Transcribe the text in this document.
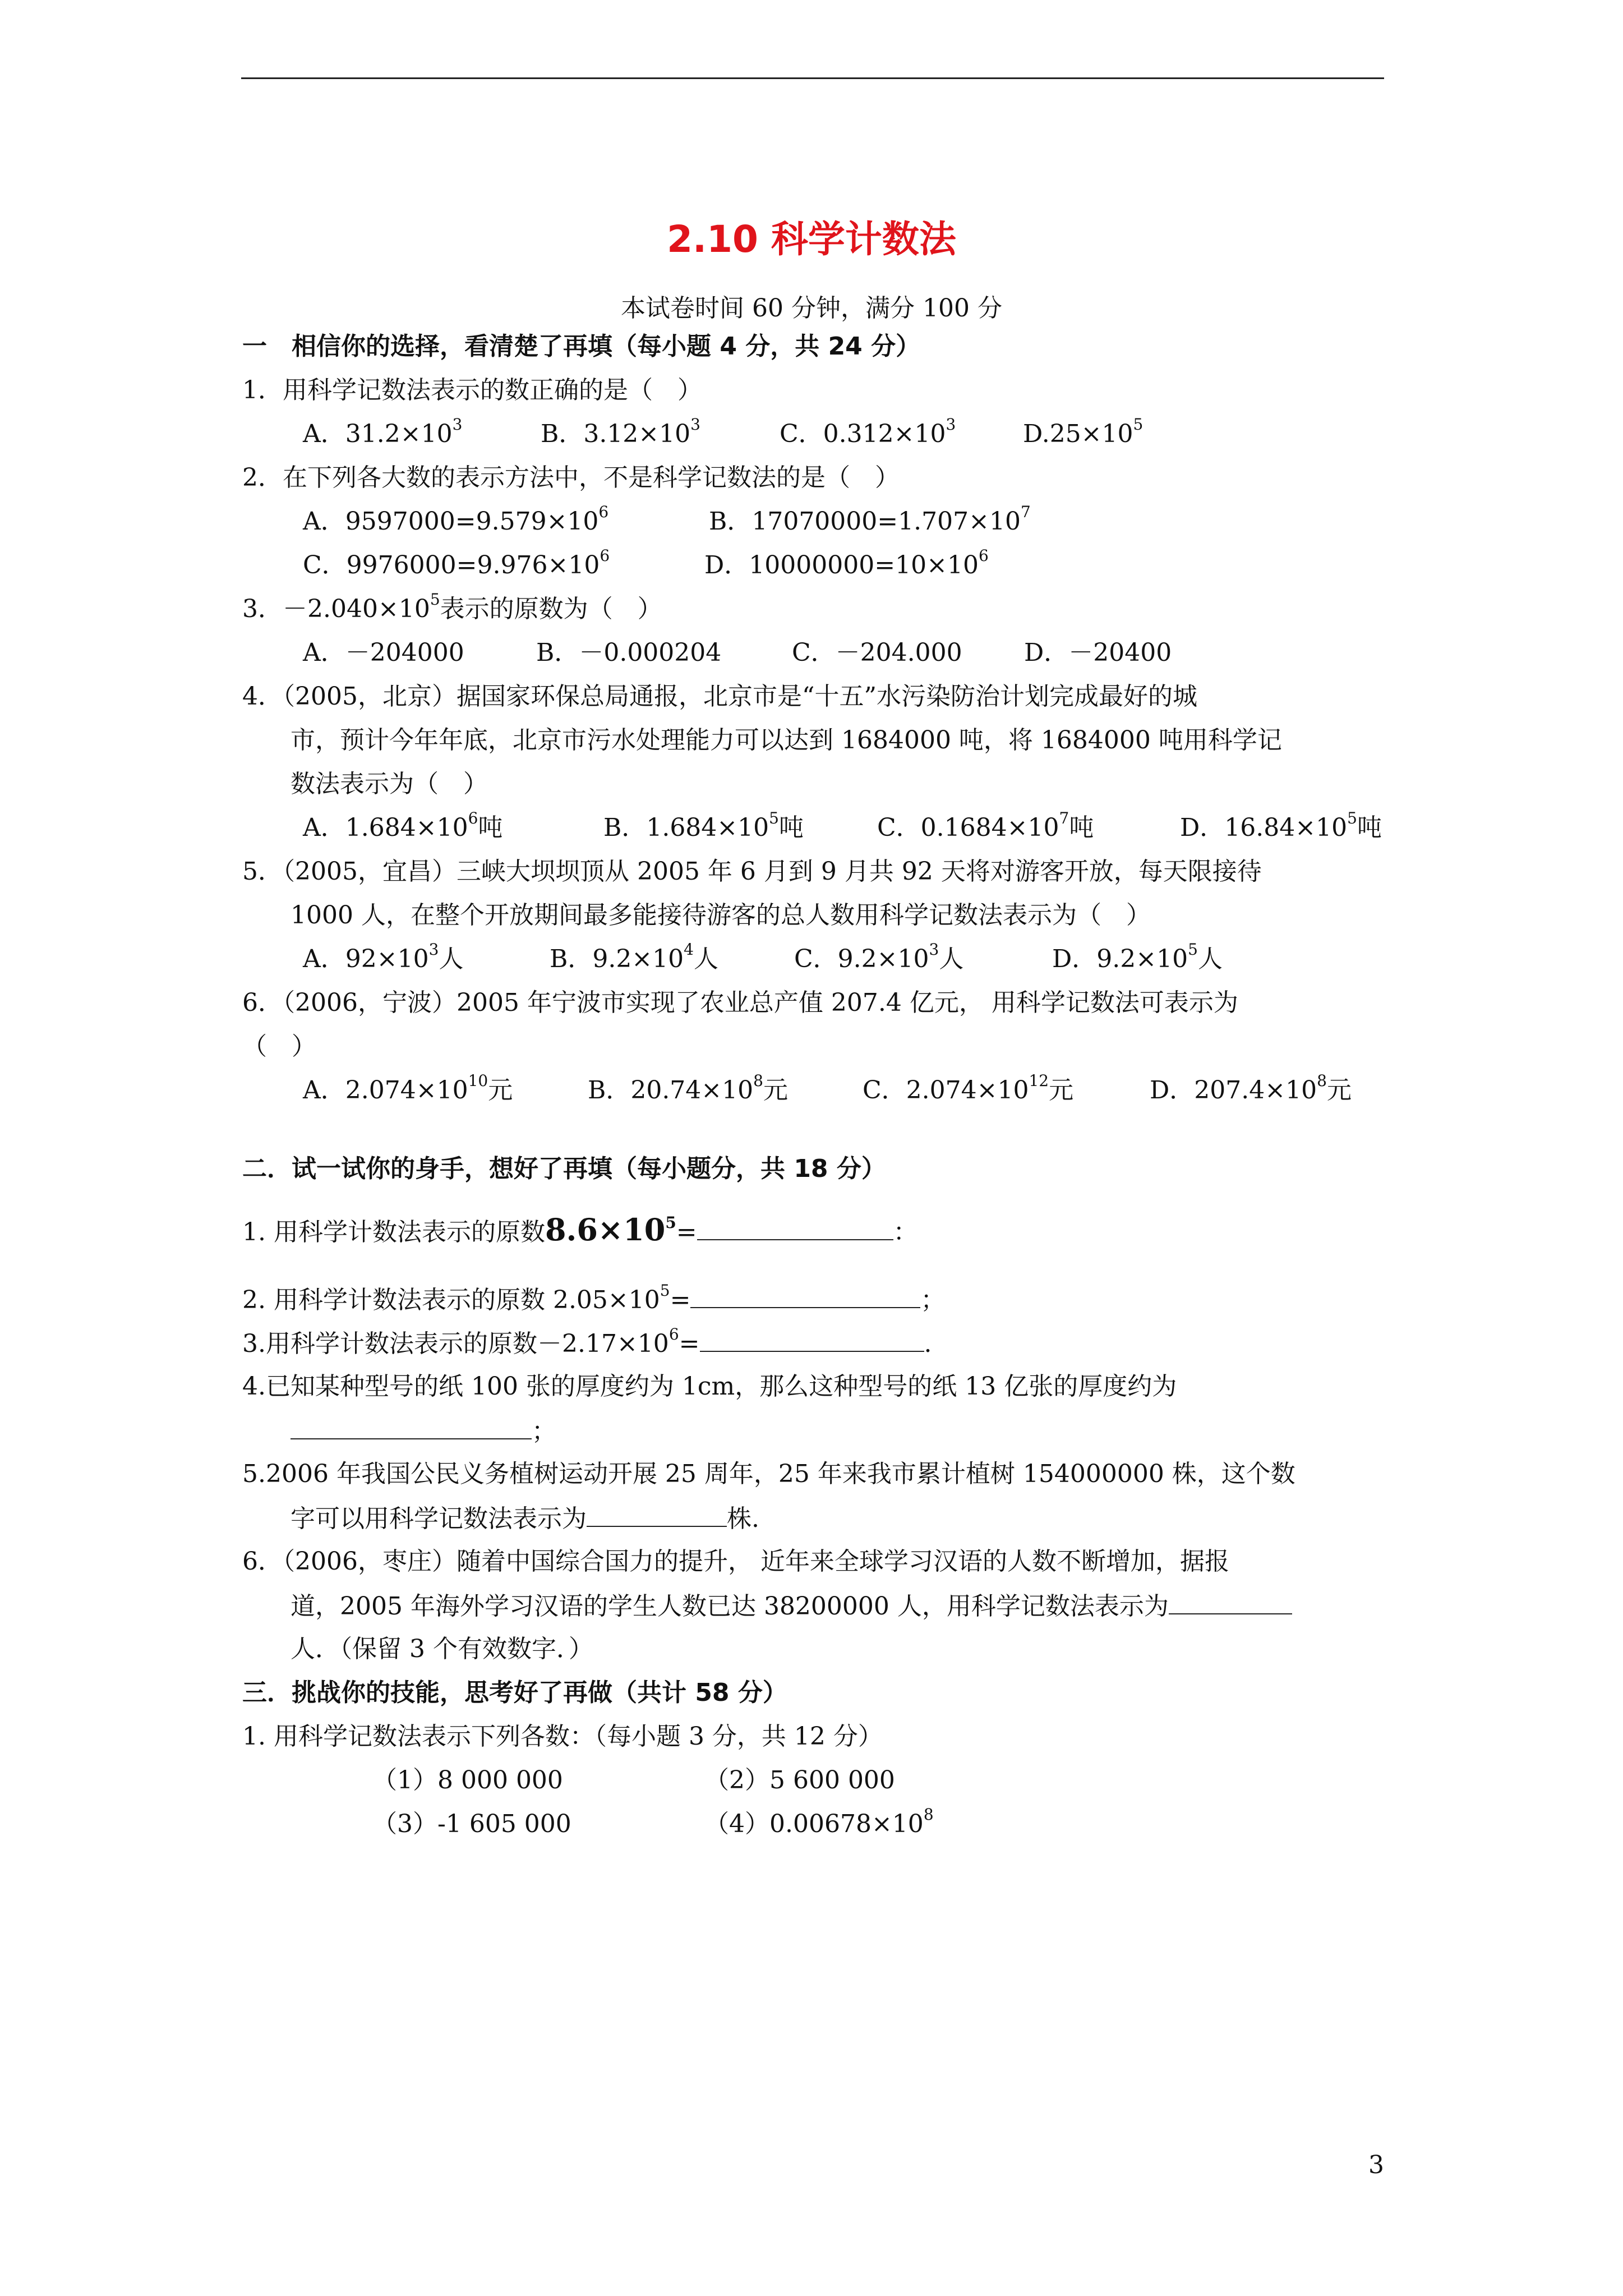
2.10 科学计数法
本试卷时间 60 分钟，满分 100 分
一　相信你的选择，看清楚了再填（每小题 4 分，共 24 分）
1．用科学记数法表示的数正确的是（　）
A．$31.2\times 10^3$	B．$3.12\times 10^3$	C．$0.312\times 10^3$	$D.25\times 10^5$
2．在下列各大数的表示方法中，不是科学记数法的是（　）
A．$9597000=9.579\times 10^6$	B．$17070000=1.707\times 10^7$
C．$9976000=9.976\times 10^6$	D．$10000000=10\times 10^6$
3．$-2.040\times 10^5$表示的原数为（　）
A．－204000	B．－0.000204	C．－204.000	D．－20400
4．（2005，北京）据国家环保总局通报，北京市是“十五”水污染防治计划完成最好的城
市，预计今年年底，北京市污水处理能力可以达到 1684000 吨，将 1684000 吨用科学记
数法表示为（　）
A．$1.684\times 10^6$吨	B．$1.684\times 10^5$吨	C．$0.1684\times 10^7$吨	D．$16.84\times 10^5$吨
5．（2005，宜昌）三峡大坝坝顶从 2005 年 6 月到 9 月共 92 天将对游客开放，每天限接待
1000 人，在整个开放期间最多能接待游客的总人数用科学记数法表示为（　）
A．$92\times 10^3$人	B．$9.2\times 10^4$人	C．$9.2\times 10^3$人	D．$9.2\times 10^5$人
6．（2006，宁波）2005 年宁波市实现了农业总产值 207.4 亿元， 用科学记数法可表示为
（　）
A．$2.074\times 10^{10}$元	B．$20.74\times 10^8$元	C．$2.074\times 10^{12}$元	D．$207.4\times 10^8$元
二．试一试你的身手，想好了再填（每小题分，共 18 分）
1. 用科学计数法表示的原数$8.6\times 10^5=$	：
2. 用科学计数法表示的原数 $2.05\times 10^5=$	；
3.用科学计数法表示的原数$-2.17\times 10^6=$	.
4.已知某种型号的纸 100 张的厚度约为 1cm，那么这种型号的纸 13 亿张的厚度约为
；
5.2006 年我国公民义务植树运动开展 25 周年，25 年来我市累计植树 154000000 株，这个数
字可以用科学记数法表示为	株.
6．（2006，枣庄）随着中国综合国力的提升， 近年来全球学习汉语的人数不断增加，据报
道，2005 年海外学习汉语的学生人数已达 38200000 人，用科学记数法表示为
人．（保留 3 个有效数字．）
三．挑战你的技能，思考好了再做（共计 58 分）
1. 用科学记数法表示下列各数：（每小题 3 分，共 12 分）
（1）8 000 000	（2）5 600 000
（3）-1 605 000	$(4)0.00678\times 10^8$
3
